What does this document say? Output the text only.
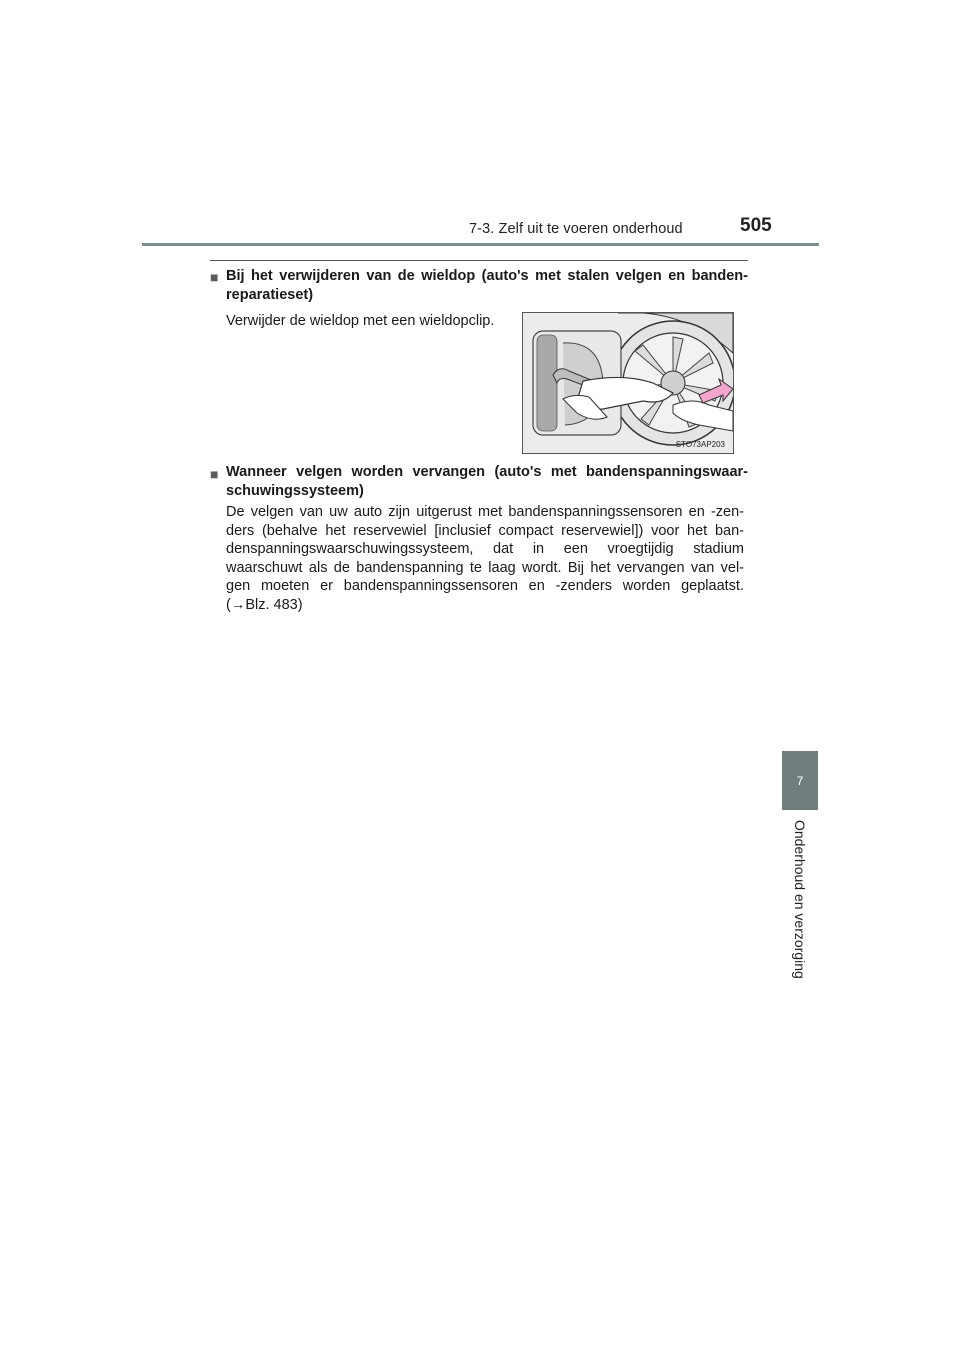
7-3. Zelf uit te voeren onderhoud	505
7
Onderhoud en verzorging
■ Bij het verwijderen van de wieldop (auto's met stalen velgen en banden-
reparatieset)
Verwijder de wieldop met een wieldopclip.
STO73AP203
■ Wanneer velgen worden vervangen (auto's met bandenspanningswaar-
schuwingssysteem)
De velgen van uw auto zijn uitgerust met bandenspanningssensoren en -zen-
ders (behalve het reservewiel [inclusief compact reservewiel]) voor het ban-
denspanningswaarschuwingssysteem, dat in een vroegtijdig stadium
waarschuwt als de bandenspanning te laag wordt. Bij het vervangen van vel-
gen moeten er bandenspanningssensoren en -zenders worden geplaatst.
(→Blz. 483)
